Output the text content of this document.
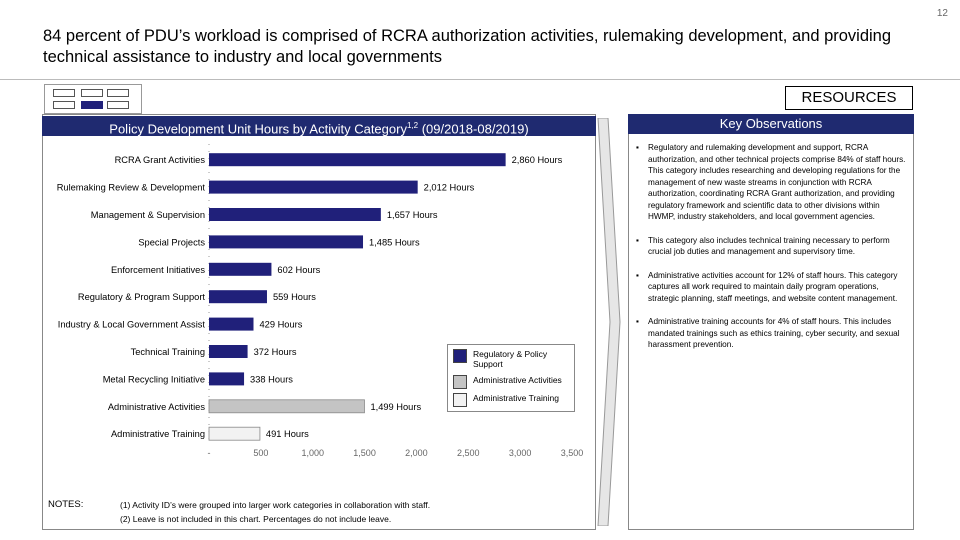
12
84 percent of PDU’s workload is comprised of RCRA authorization activities, rulemaking development, and providing technical assistance to industry and local governments
RESOURCES
Policy Development Unit Hours by Activity Category$^{1,2}$ (09/2018-08/2019)
RCRA Grant Activities	2,860 Hours
Rulemaking Review & Development	2,012 Hours
Management & Supervision	1,657 Hours
Special Projects	1,485 Hours
Enforcement Initiatives	602 Hours
Regulatory & Program Support	559 Hours
Industry & Local Government Assist	429 Hours
Technical Training	372 Hours
Metal Recycling Initiative	338 Hours
Administrative Activities	1,499 Hours
Administrative Training	491 Hours
-	500	1,000	1,500	2,000	2,500	3,000	3,500
Regulatory & Policy Support
Administrative Activities
Administrative Training
NOTES:	(1) Activity ID’s were grouped into larger work categories in collaboration with staff.
(2) Leave is not included in this chart. Percentages do not include leave.
Key Observations
▪ Regulatory and rulemaking development and support, RCRA authorization, and other technical projects comprise 84% of staff hours. This category includes researching and developing regulations for the management of new waste streams in conjunction with RCRA authorization, coordinating RCRA Grant authorization, and providing regulatory framework and scientific data to other divisions within HWMP, industry stakeholders, and local government agencies.
▪ This category also includes technical training necessary to perform crucial job duties and management and supervisory time.
▪ Administrative activities account for 12% of staff hours. This category captures all work required to maintain daily program operations, strategic planning, staff meetings, and website content management.
▪ Administrative training accounts for 4% of staff hours. This includes mandated trainings such as ethics training, cyber security, and sexual harassment prevention.
